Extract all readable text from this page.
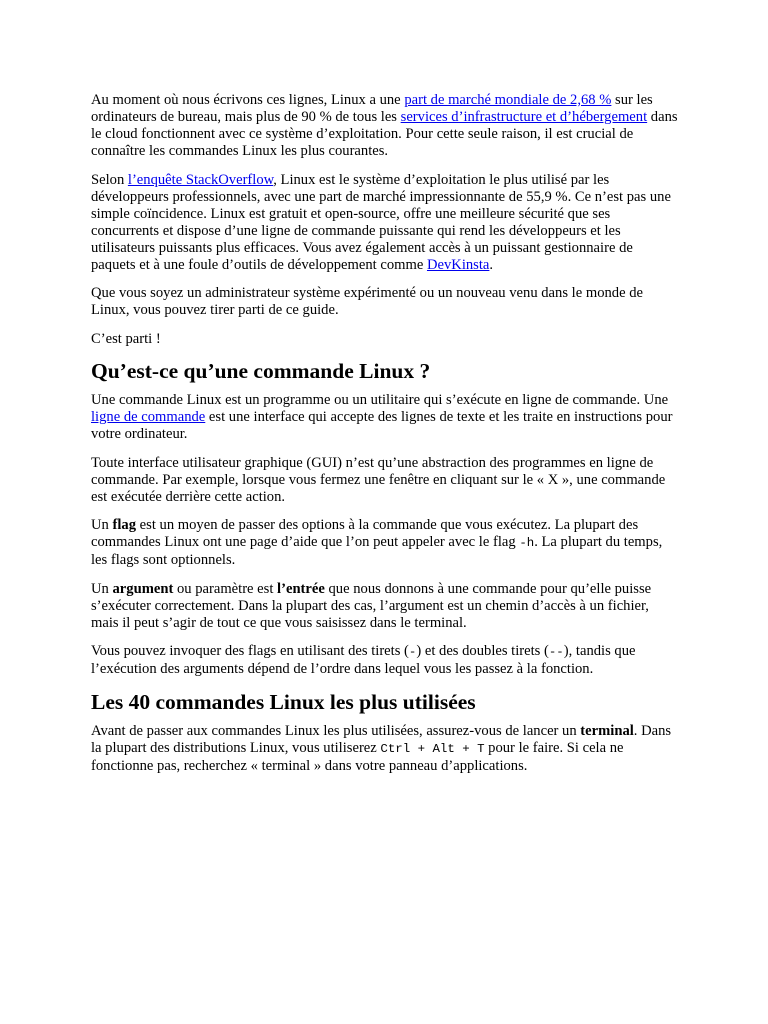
Au moment où nous écrivons ces lignes, Linux a une part de marché mondiale de 2,68 % sur les ordinateurs de bureau, mais plus de 90 % de tous les services d’infrastructure et d’hébergement dans le cloud fonctionnent avec ce système d’exploitation. Pour cette seule raison, il est crucial de connaître les commandes Linux les plus courantes.

Selon l’enquête StackOverflow, Linux est le système d’exploitation le plus utilisé par les développeurs professionnels, avec une part de marché impressionnante de 55,9 %. Ce n’est pas une simple coïncidence. Linux est gratuit et open-source, offre une meilleure sécurité que ses concurrents et dispose d’une ligne de commande puissante qui rend les développeurs et les utilisateurs puissants plus efficaces. Vous avez également accès à un puissant gestionnaire de paquets et à une foule d’outils de développement comme DevKinsta.

Que vous soyez un administrateur système expérimenté ou un nouveau venu dans le monde de Linux, vous pouvez tirer parti de ce guide.

C’est parti !

Qu’est-ce qu’une commande Linux ?

Une commande Linux est un programme ou un utilitaire qui s’exécute en ligne de commande. Une ligne de commande est une interface qui accepte des lignes de texte et les traite en instructions pour votre ordinateur.

Toute interface utilisateur graphique (GUI) n’est qu’une abstraction des programmes en ligne de commande. Par exemple, lorsque vous fermez une fenêtre en cliquant sur le « X », une commande est exécutée derrière cette action.

Un flag est un moyen de passer des options à la commande que vous exécutez. La plupart des commandes Linux ont une page d’aide que l’on peut appeler avec le flag -h. La plupart du temps, les flags sont optionnels.

Un argument ou paramètre est l’entrée que nous donnons à une commande pour qu’elle puisse s’exécuter correctement. Dans la plupart des cas, l’argument est un chemin d’accès à un fichier, mais il peut s’agir de tout ce que vous saisissez dans le terminal.

Vous pouvez invoquer des flags en utilisant des tirets (-) et des doubles tirets (--), tandis que l’exécution des arguments dépend de l’ordre dans lequel vous les passez à la fonction.

Les 40 commandes Linux les plus utilisées

Avant de passer aux commandes Linux les plus utilisées, assurez-vous de lancer un terminal. Dans la plupart des distributions Linux, vous utiliserez Ctrl + Alt + T pour le faire. Si cela ne fonctionne pas, recherchez « terminal » dans votre panneau d’applications.
